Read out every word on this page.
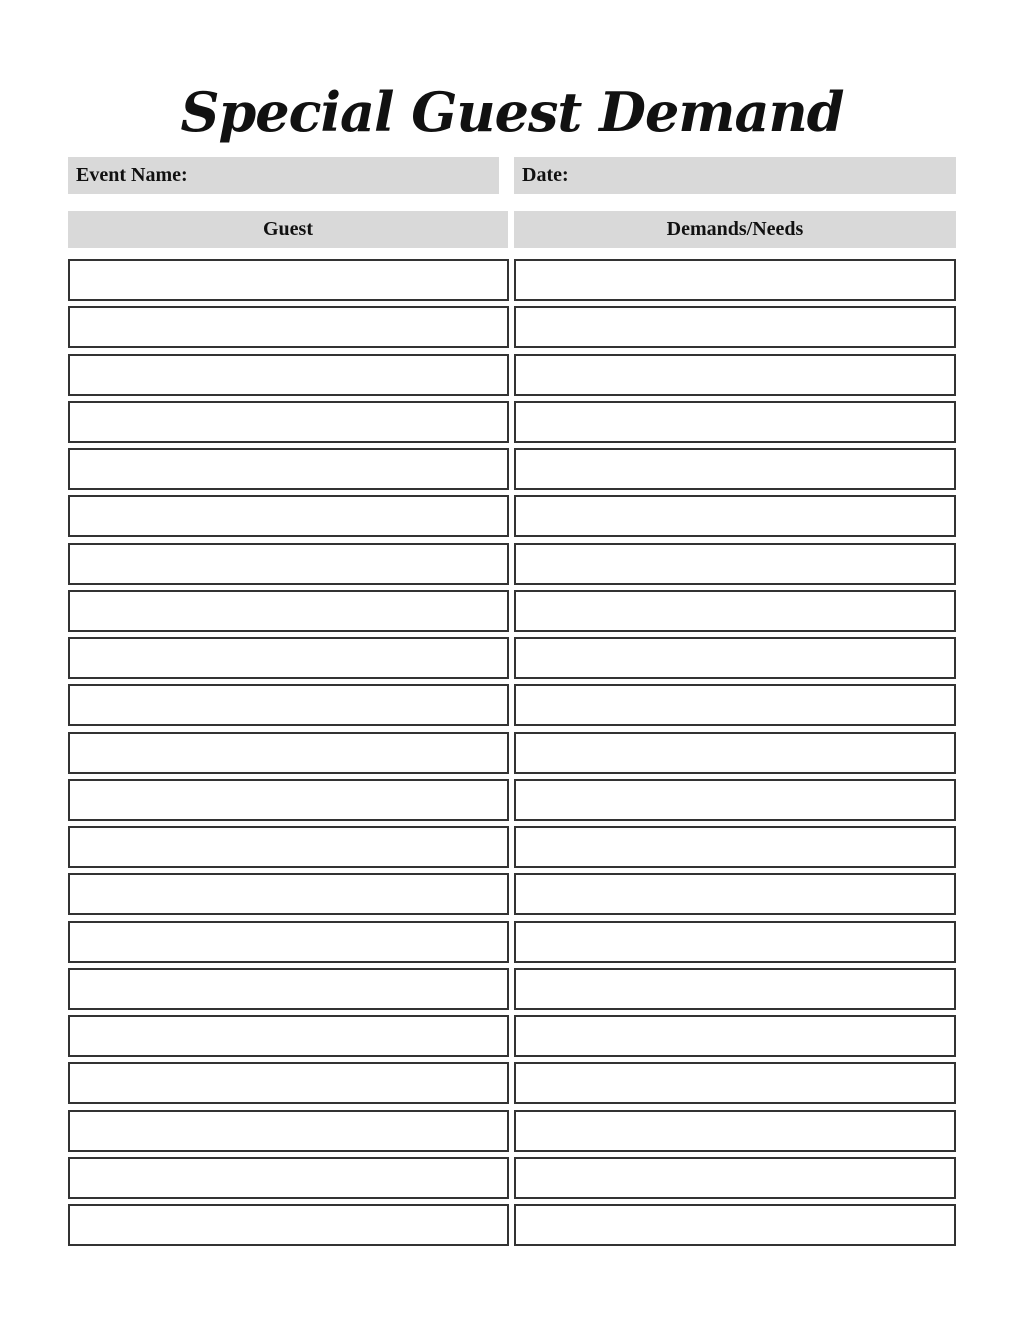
Special Guest Demand
Event Name:	Date:
Guest	Demands/Needs
